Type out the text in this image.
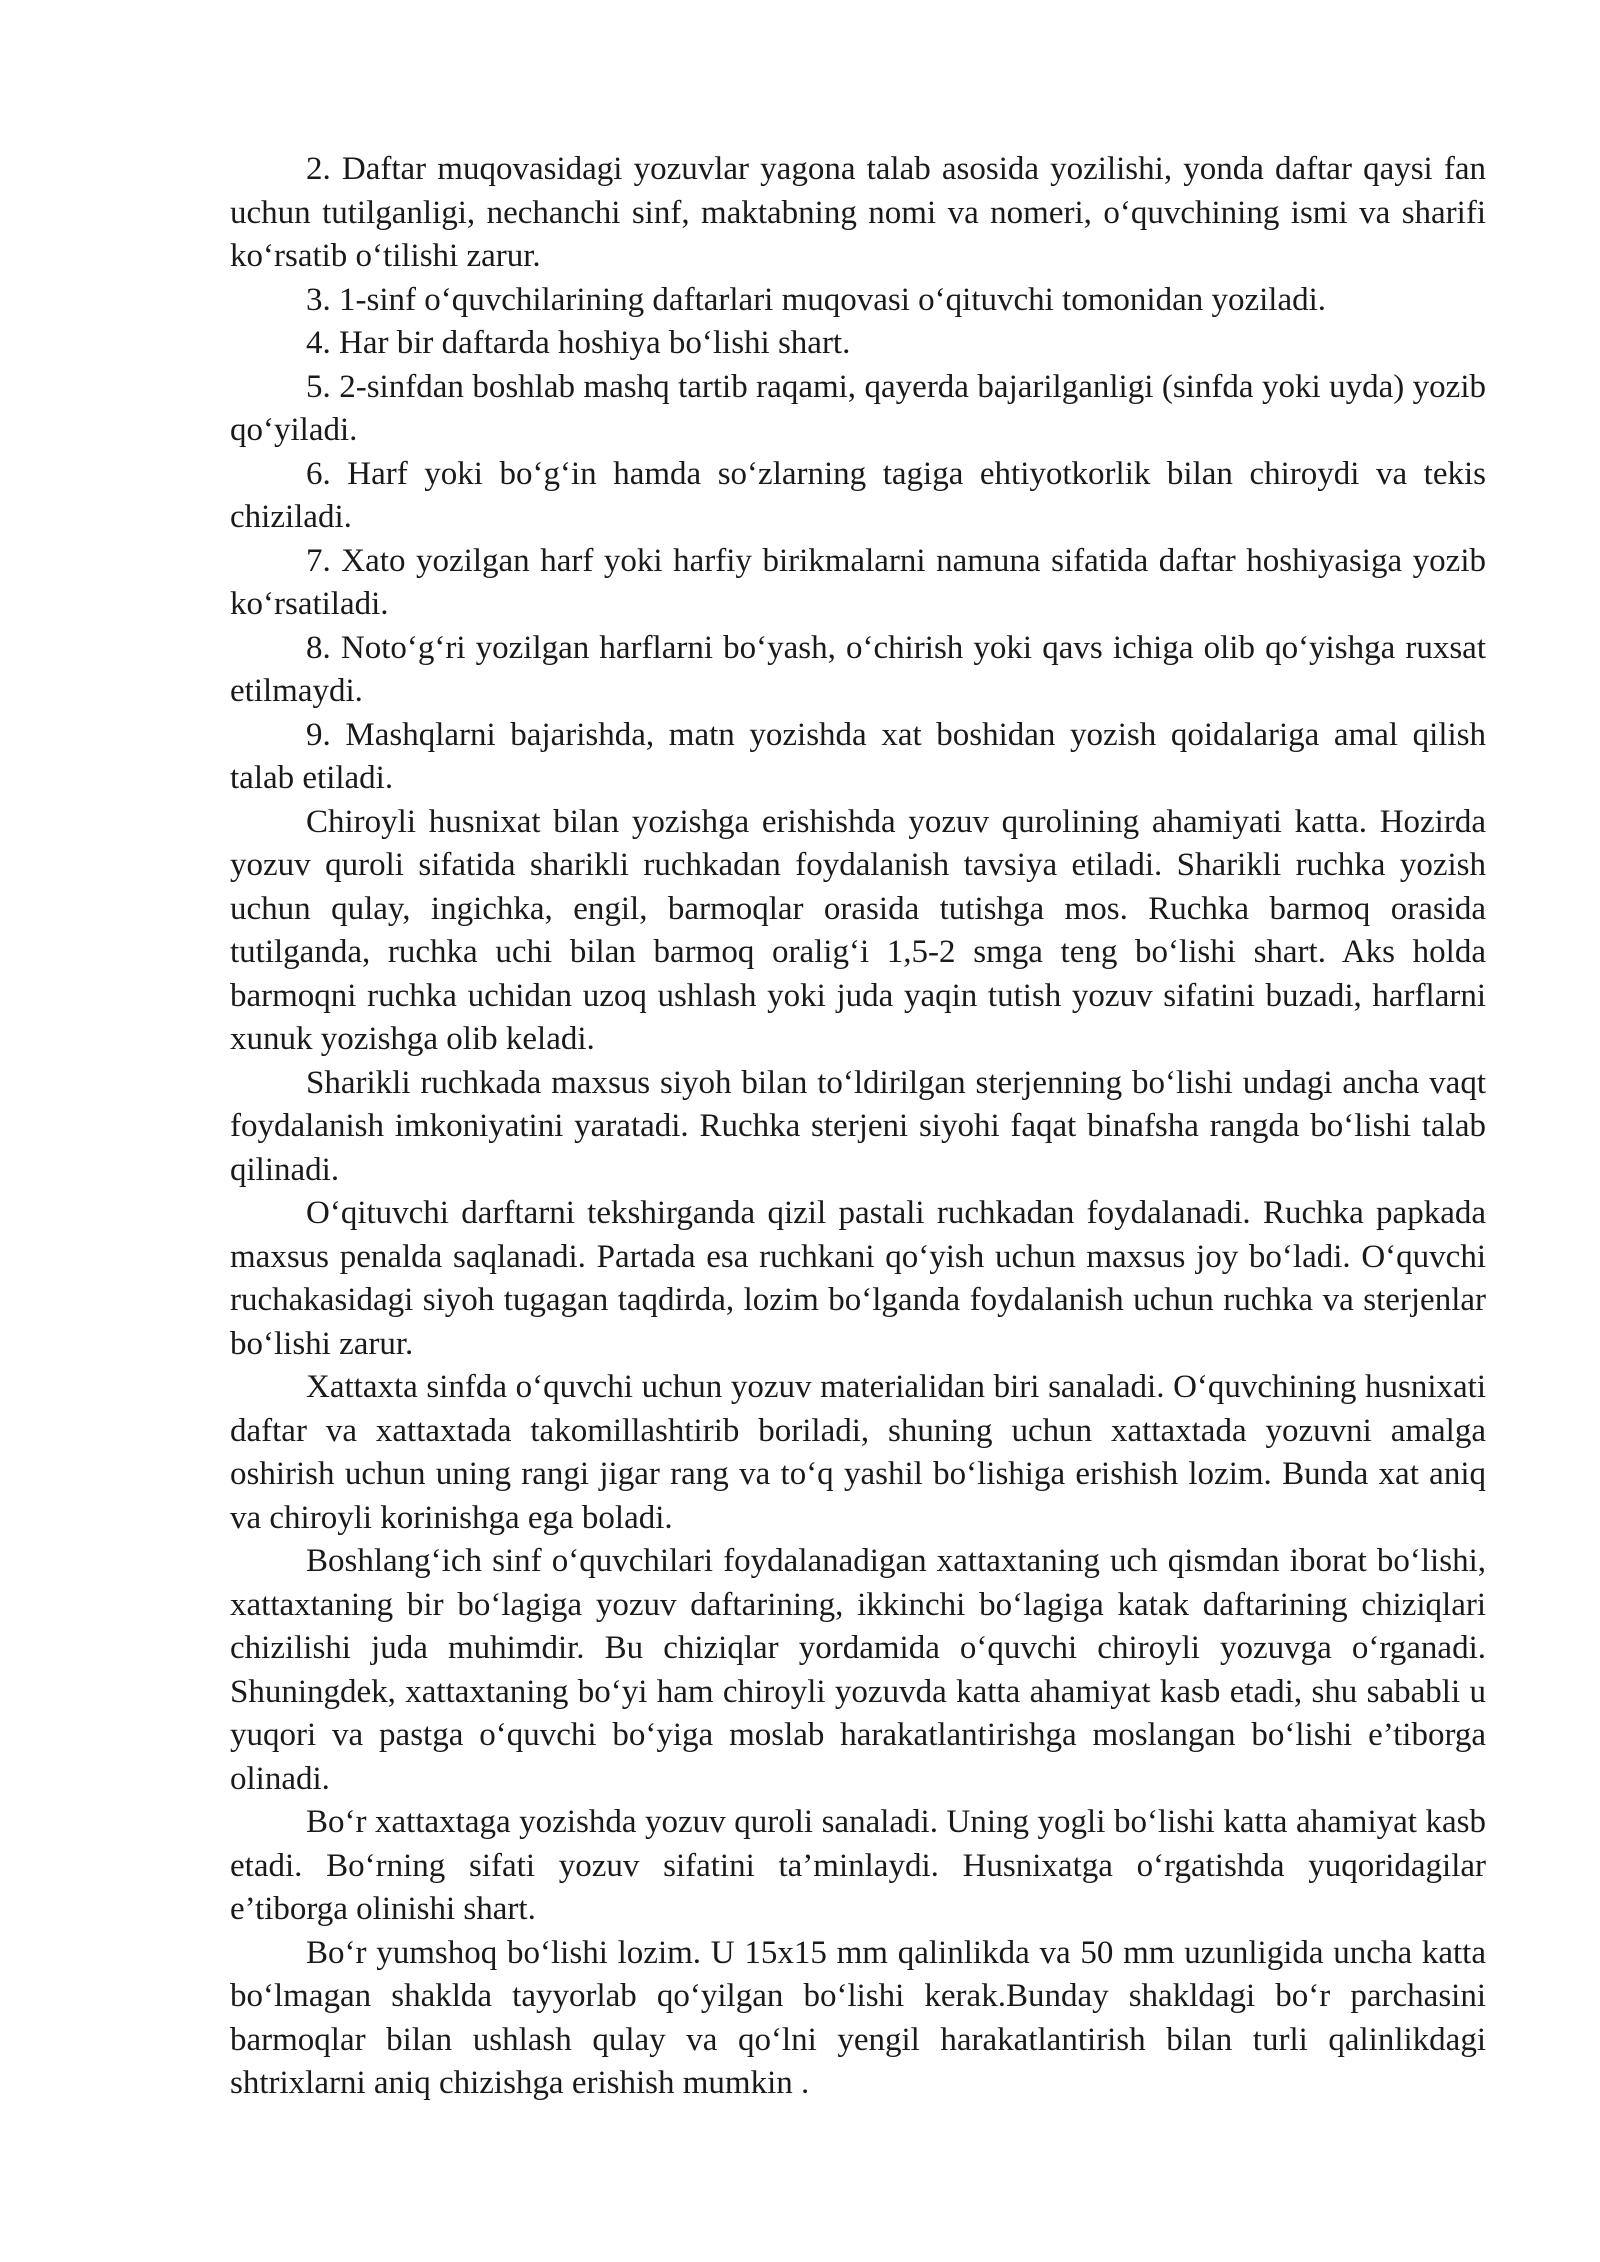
2. Daftar muqovasidagi yozuvlar yagona talab asosida yozilishi, yonda daftar qaysi fan uchun tutilganligi, nechanchi sinf, maktabning nomi va nomeri, o‘quvchining ismi va sharifi ko‘rsatib o‘tilishi zarur.

3. 1-sinf o‘quvchilarining daftarlari muqovasi o‘qituvchi tomonidan yoziladi.

4. Har bir daftarda hoshiya bo‘lishi shart.

5. 2-sinfdan boshlab mashq tartib raqami, qayerda bajarilganligi (sinfda yoki uyda) yozib qo‘yiladi.

6. Harf yoki bo‘g‘in hamda so‘zlarning tagiga ehtiyotkorlik bilan chiroydi va tekis chiziladi.

7. Xato yozilgan harf yoki harfiy birikmalarni namuna sifatida daftar hoshiyasiga yozib ko‘rsatiladi.

8. Noto‘g‘ri yozilgan harflarni bo‘yash, o‘chirish yoki qavs ichiga olib qo‘yishga ruxsat etilmaydi.

9. Mashqlarni bajarishda, matn yozishda xat boshidan yozish qoidalariga amal qilish talab etiladi.

Chiroyli husnixat bilan yozishga erishishda yozuv qurolining ahamiyati katta. Hozirda yozuv quroli sifatida sharikli ruchkadan foydalanish tavsiya etiladi. Sharikli ruchka yozish uchun qulay, ingichka, engil, barmoqlar orasida tutishga mos. Ruchka barmoq orasida tutilganda, ruchka uchi bilan barmoq oralig‘i 1,5-2 smga teng bo‘lishi shart. Aks holda barmoqni ruchka uchidan uzoq ushlash yoki juda yaqin tutish yozuv sifatini buzadi, harflarni xunuk yozishga olib keladi.

Sharikli ruchkada maxsus siyoh bilan to‘ldirilgan sterjenning bo‘lishi undagi ancha vaqt foydalanish imkoniyatini yaratadi. Ruchka sterjeni siyohi faqat binafsha rangda bo‘lishi talab qilinadi.

O‘qituvchi darftarni tekshirganda qizil pastali ruchkadan foydalanadi. Ruchka papkada maxsus penalda saqlanadi. Partada esa ruchkani qo‘yish uchun maxsus joy bo‘ladi. O‘quvchi ruchakasidagi siyoh tugagan taqdirda, lozim bo‘lganda foydalanish uchun ruchka va sterjenlar bo‘lishi zarur.

Xattaxta sinfda o‘quvchi uchun yozuv materialidan biri sanaladi. O‘quvchining husnixati daftar va xattaxtada takomillashtirib boriladi, shuning uchun xattaxtada yozuvni amalga oshirish uchun uning rangi jigar rang va to‘q yashil bo‘lishiga erishish lozim. Bunda xat aniq va chiroyli korinishga ega boladi.

Boshlang‘ich sinf o‘quvchilari foydalanadigan xattaxtaning uch qismdan iborat bo‘lishi, xattaxtaning bir bo‘lagiga yozuv daftarining, ikkinchi bo‘lagiga katak daftarining chiziqlari chizilishi juda muhimdir. Bu chiziqlar yordamida o‘quvchi chiroyli yozuvga o‘rganadi. Shuningdek, xattaxtaning bo‘yi ham chiroyli yozuvda katta ahamiyat kasb etadi, shu sababli u yuqori va pastga o‘quvchi bo‘yiga moslab harakatlantirishga moslangan bo‘lishi e’tiborga olinadi.

Bo‘r xattaxtaga yozishda yozuv quroli sanaladi. Uning yogli bo‘lishi katta ahamiyat kasb etadi. Bo‘rning sifati yozuv sifatini ta’minlaydi. Husnixatga o‘rgatishda yuqoridagilar e’tiborga olinishi shart.

Bo‘r yumshoq bo‘lishi lozim. U 15x15 mm qalinlikda va 50 mm uzunligida uncha katta bo‘lmagan shaklda tayyorlab qo‘yilgan bo‘lishi kerak.Bunday shakldagi bo‘r parchasini barmoqlar bilan ushlash qulay va qo‘lni yengil harakatlantirish bilan turli qalinlikdagi shtrixlarni aniq chizishga erishish mumkin .
